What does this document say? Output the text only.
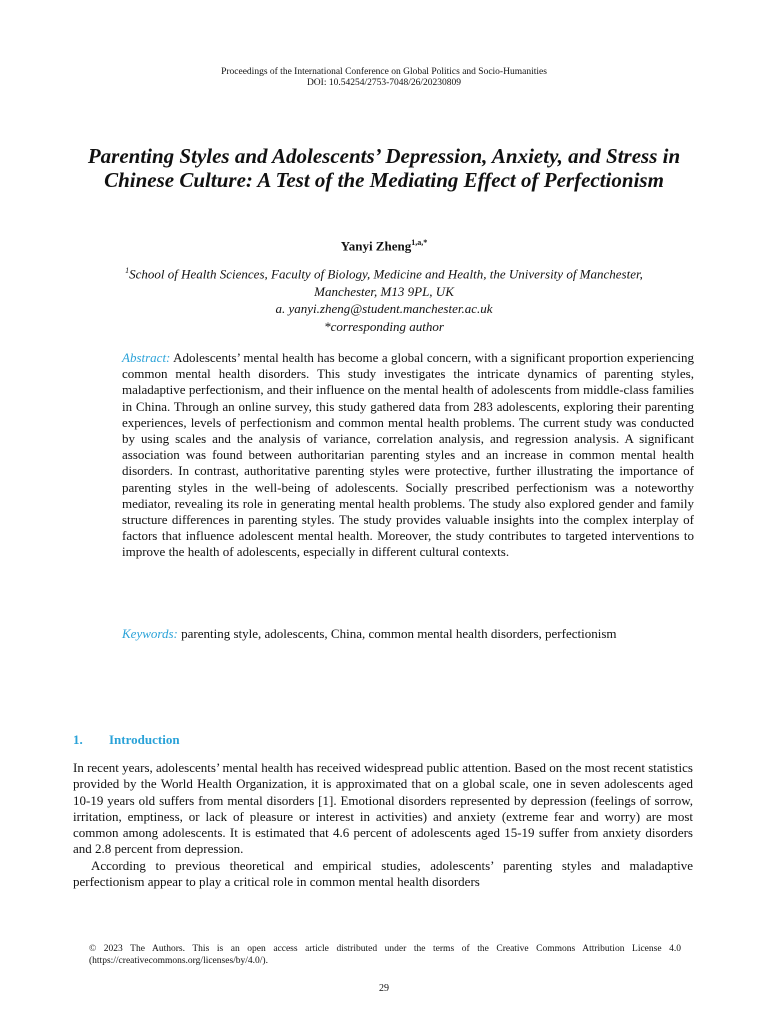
Proceedings of the International Conference on Global Politics and Socio-Humanities
DOI: 10.54254/2753-7048/26/20230809
Parenting Styles and Adolescents’ Depression, Anxiety, and Stress in Chinese Culture: A Test of the Mediating Effect of Perfectionism
Yanyi Zheng$^{1,a,*}$
$^1$School of Health Sciences, Faculty of Biology, Medicine and Health, the University of Manchester,
Manchester, M13 9PL, UK
a. yanyi.zheng@student.manchester.ac.uk
*corresponding author
Abstract: Adolescents’ mental health has become a global concern, with a significant proportion experiencing common mental health disorders. This study investigates the intricate dynamics of parenting styles, maladaptive perfectionism, and their influence on the mental health of adolescents from middle-class families in China. Through an online survey, this study gathered data from 283 adolescents, exploring their parenting experiences, levels of perfectionism and common mental health problems. The current study was conducted by using scales and the analysis of variance, correlation analysis, and regression analysis. A significant association was found between authoritarian parenting styles and an increase in common mental health disorders. In contrast, authoritative parenting styles were protective, further illustrating the importance of parenting styles in the well-being of adolescents. Socially prescribed perfectionism was a noteworthy mediator, revealing its role in generating mental health problems. The study also explored gender and family structure differences in parenting styles. The study provides valuable insights into the complex interplay of factors that influence adolescent mental health. Moreover, the study contributes to targeted interventions to improve the health of adolescents, especially in different cultural contexts.
Keywords: parenting style, adolescents, China, common mental health disorders, perfectionism
1. Introduction

In recent years, adolescents’ mental health has received widespread public attention. Based on the most recent statistics provided by the World Health Organization, it is approximated that on a global scale, one in seven adolescents aged 10-19 years old suffers from mental disorders [1]. Emotional disorders represented by depression (feelings of sorrow, irritation, emptiness, or lack of pleasure or interest in activities) and anxiety (extreme fear and worry) are most common among adolescents. It is estimated that 4.6 percent of adolescents aged 15-19 suffer from anxiety disorders and 2.8 percent from depression.

According to previous theoretical and empirical studies, adolescents’ parenting styles and maladaptive perfectionism appear to play a critical role in common mental health disorders

© 2023 The Authors. This is an open access article distributed under the terms of the Creative Commons Attribution License 4.0 (https://creativecommons.org/licenses/by/4.0/).
29
